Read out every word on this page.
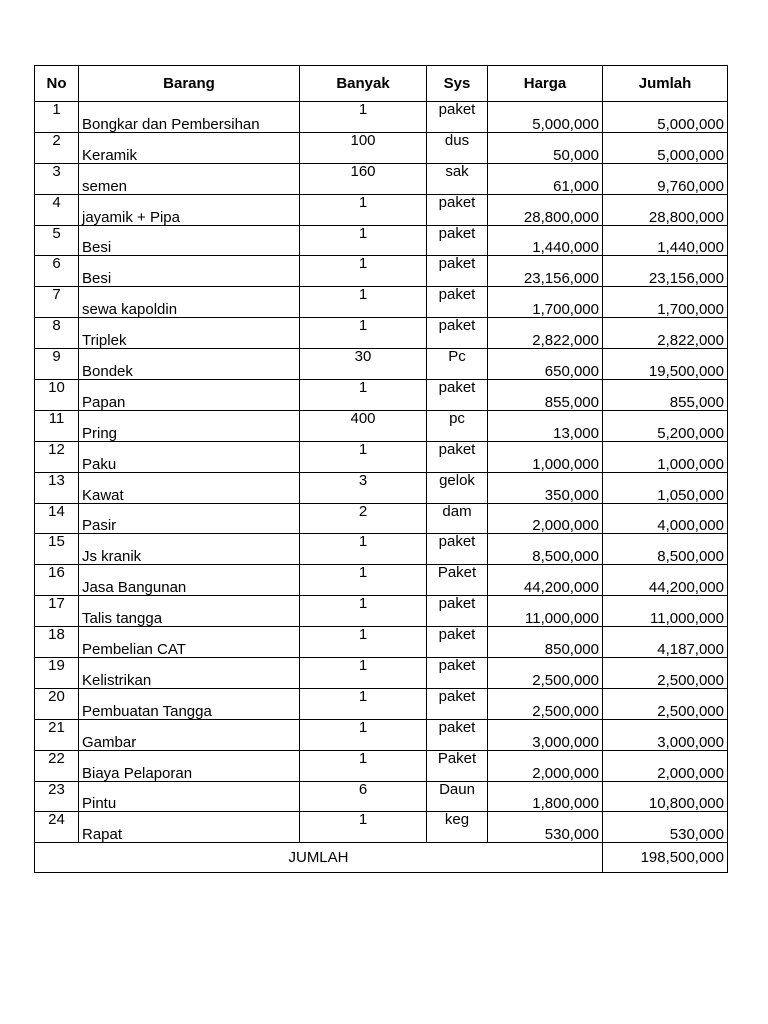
No	Barang	Banyak	Sys	Harga	Jumlah
1	Bongkar dan Pembersihan	1	paket	5,000,000	5,000,000
2	Keramik	100	dus	50,000	5,000,000
3	semen	160	sak	61,000	9,760,000
4	jayamik + Pipa	1	paket	28,800,000	28,800,000
5	Besi	1	paket	1,440,000	1,440,000
6	Besi	1	paket	23,156,000	23,156,000
7	sewa kapoldin	1	paket	1,700,000	1,700,000
8	Triplek	1	paket	2,822,000	2,822,000
9	Bondek	30	Pc	650,000	19,500,000
10	Papan	1	paket	855,000	855,000
11	Pring	400	pc	13,000	5,200,000
12	Paku	1	paket	1,000,000	1,000,000
13	Kawat	3	gelok	350,000	1,050,000
14	Pasir	2	dam	2,000,000	4,000,000
15	Js kranik	1	paket	8,500,000	8,500,000
16	Jasa Bangunan	1	Paket	44,200,000	44,200,000
17	Talis tangga	1	paket	11,000,000	11,000,000
18	Pembelian CAT	1	paket	850,000	4,187,000
19	Kelistrikan	1	paket	2,500,000	2,500,000
20	Pembuatan Tangga	1	paket	2,500,000	2,500,000
21	Gambar	1	paket	3,000,000	3,000,000
22	Biaya Pelaporan	1	Paket	2,000,000	2,000,000
23	Pintu	6	Daun	1,800,000	10,800,000
24	Rapat	1	keg	530,000	530,000
JUMLAH					198,500,000
